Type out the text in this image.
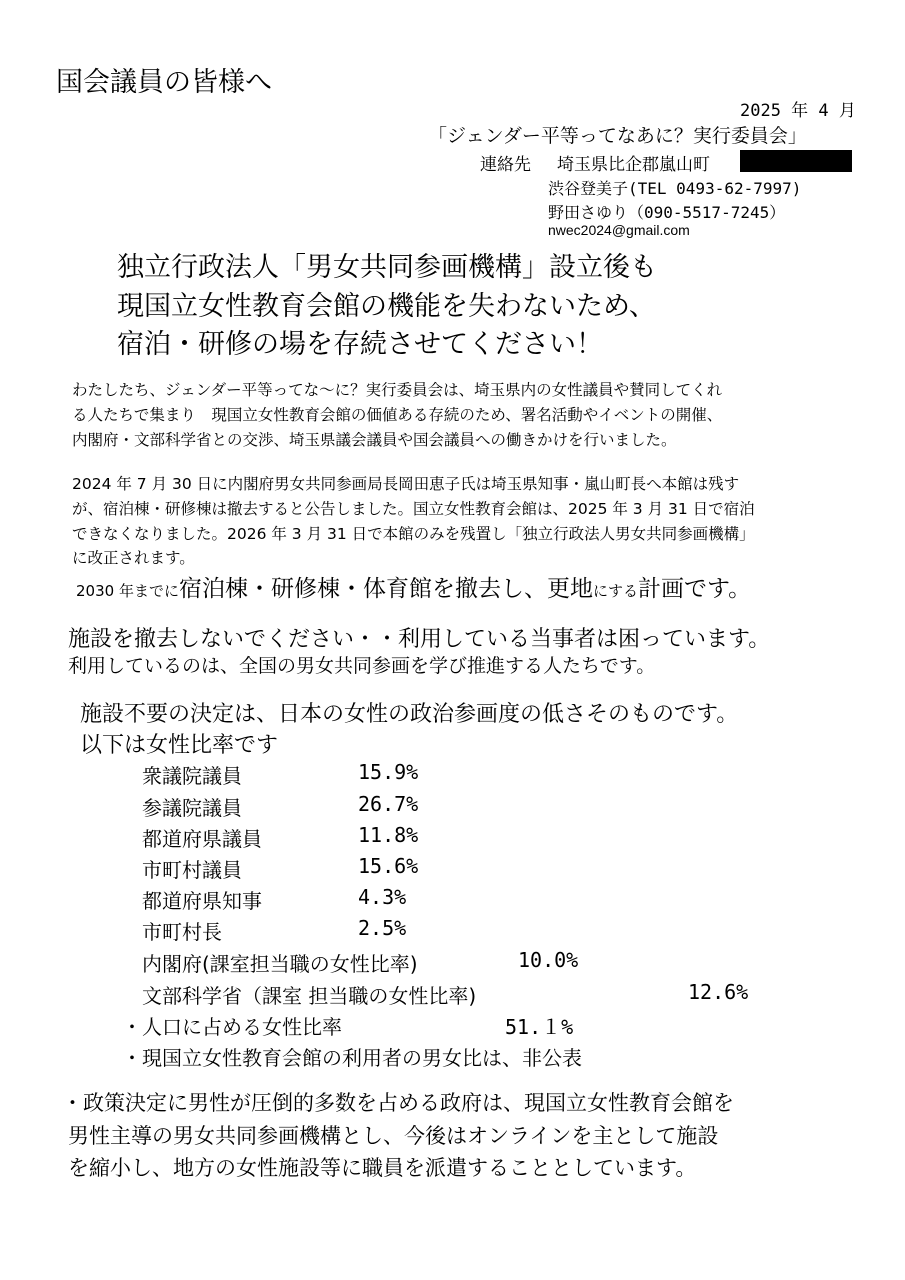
国会議員の皆様へ
2025 年 4 月
「ジェンダー平等ってなあに？実行委員会」
連絡先 埼玉県比企郡嵐山町
渋谷登美子(TEL 0493-62-7997)
野田さゆり（090-5517-7245）
nwec2024@gmail.com
独立行政法人「男女共同参画機構」設立後も
現国立女性教育会館の機能を失わないため、
宿泊・研修の場を存続させてください！
わたしたち、ジェンダー平等ってな〜に？実行委員会は、埼玉県内の女性議員や賛同してくれ
る人たちで集まり　現国立女性教育会館の価値ある存続のため、署名活動やイベントの開催、
内閣府・文部科学省との交渉、埼玉県議会議員や国会議員への働きかけを行いました。
2024 年 7 月 30 日に内閣府男女共同参画局長岡田恵子氏は埼玉県知事・嵐山町長へ本館は残す
が、宿泊棟・研修棟は撤去すると公告しました。国立女性教育会館は、2025 年 3 月 31 日で宿泊
できなくなりました。2026 年 3 月 31 日で本館のみを残置し「独立行政法人男女共同参画機構」
に改正されます。
2030 年までに宿泊棟・研修棟・体育館を撤去し、更地にする計画です。
施設を撤去しないでください・・利用している当事者は困っています。
利用しているのは、全国の男女共同参画を学び推進する人たちです。
施設不要の決定は、日本の女性の政治参画度の低さそのものです。
以下は女性比率です
衆議院議員	15.9%
参議院議員	26.7%
都道府県議員	11.8%
市町村議員	15.6%
都道府県知事	4.3%
市町村長	2.5%
内閣府(課室担当職の女性比率)	10.0%
文部科学省（課室 担当職の女性比率)	12.6%
・人口に占める女性比率	51.１%
・現国立女性教育会館の利用者の男女比は、非公表
・政策決定に男性が圧倒的多数を占める政府は、現国立女性教育会館を
男性主導の男女共同参画機構とし、今後はオンラインを主として施設
を縮小し、地方の女性施設等に職員を派遣することとしています。
